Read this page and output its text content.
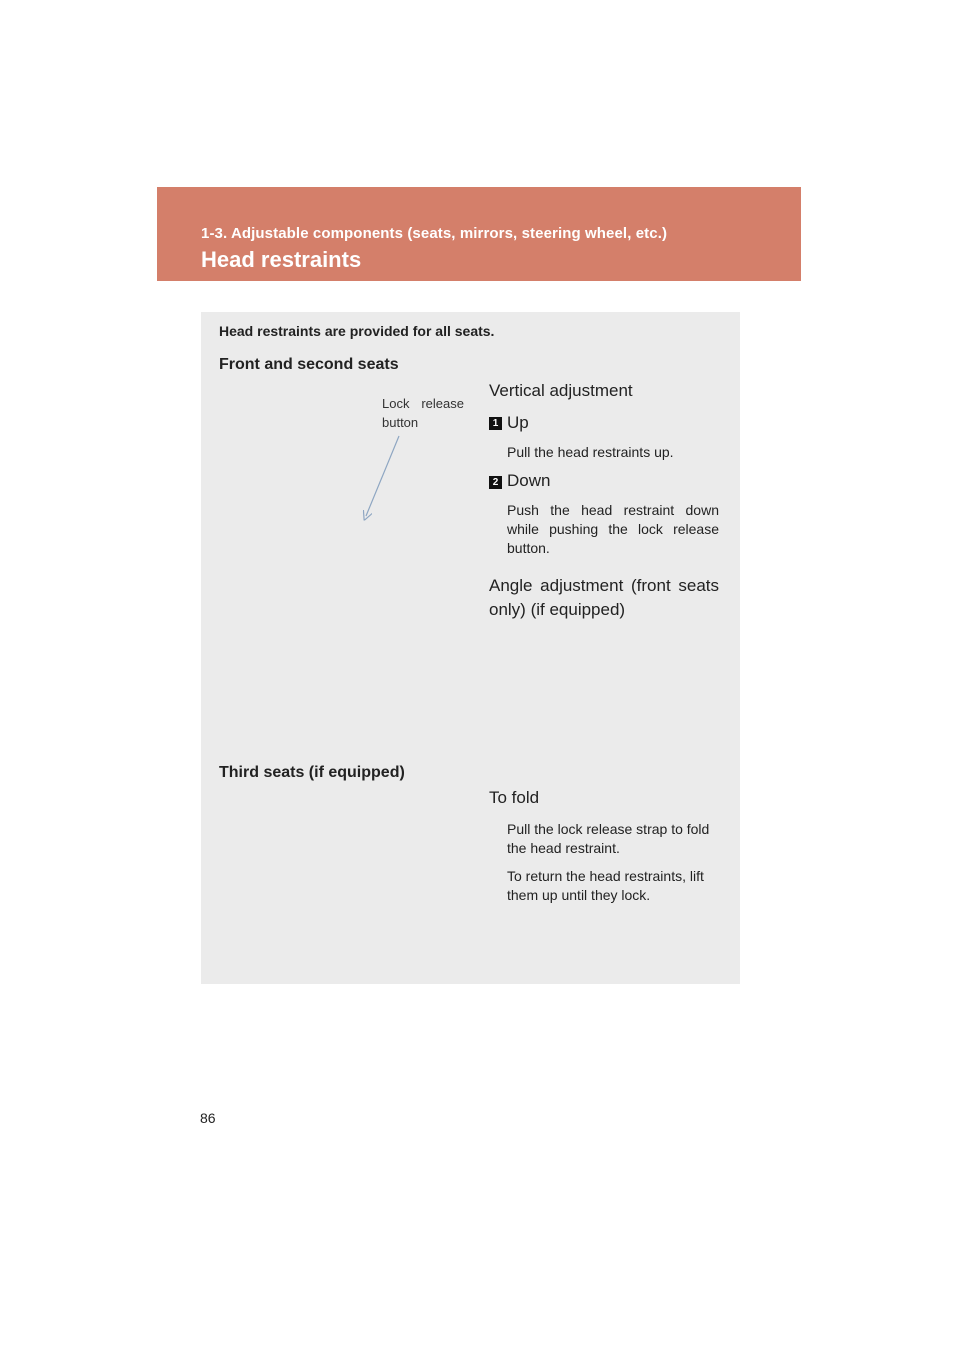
1-3. Adjustable components (seats, mirrors, steering wheel, etc.)
Head restraints
Head restraints are provided for all seats.
Front and second seats
Lock release
button
Vertical adjustment
1 Up
Pull the head restraints up.
2 Down
Push the head restraint down while pushing the lock release button.
Angle adjustment (front seats only) (if equipped)
Third seats (if equipped)
To fold
Pull the lock release strap to fold the head restraint.
To return the head restraints, lift them up until they lock.
86
